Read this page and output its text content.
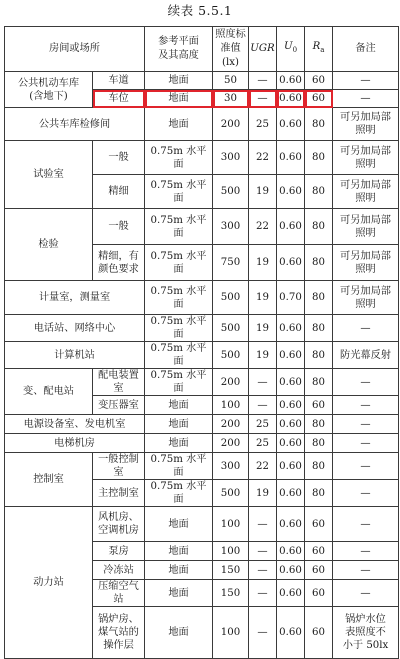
续表 5.5.1
房间或场所		参考平面
及其高度	照度标
准值
(lx)	UGR	$U_0$	$R_a$	备注
公共机动车库
(含地下)	车道	地面	50	—	0.60	60	—
	车位	地面	30	—	0.60	60	—
公共车库检修间		地面	200	25	0.60	80	可另加局部
照明
试验室	一般	0.75m 水平面	300	22	0.60	80	可另加局部
照明
	精细	0.75m 水平面	500	19	0.60	80	可另加局部
照明
检验	一般	0.75m 水平面	300	22	0.60	80	可另加局部
照明
	精细，有
颜色要求	0.75m 水平面	750	19	0.60	80	可另加局部
照明
计量室，测量室		0.75m 水平面	500	19	0.70	80	可另加局部
照明
电话站、网络中心		0.75m 水平面	500	19	0.60	80	—
计算机站		0.75m 水平面	500	19	0.60	80	防光幕反射
变、配电站	配电装置室	0.75m 水平面	200	—	0.60	80	—
	变压器室	地面	100	—	0.60	60	—
电源设备室、发电机室		地面	200	25	0.60	80	—
电梯机房		地面	200	25	0.60	80	—
控制室	一般控制室	0.75m 水平面	300	22	0.60	80	—
	主控制室	0.75m 水平面	500	19	0.60	80	—
动力站	风机房、
空调机房	地面	100	—	0.60	60	—
	泵房	地面	100	—	0.60	60	—
	冷冻站	地面	150	—	0.60	60	—
	压缩空气站	地面	150	—	0.60	60	—
	锅炉房、
煤气站的
操作层	地面	100	—	0.60	60	锅炉水位
表照度不
小于 50lx
